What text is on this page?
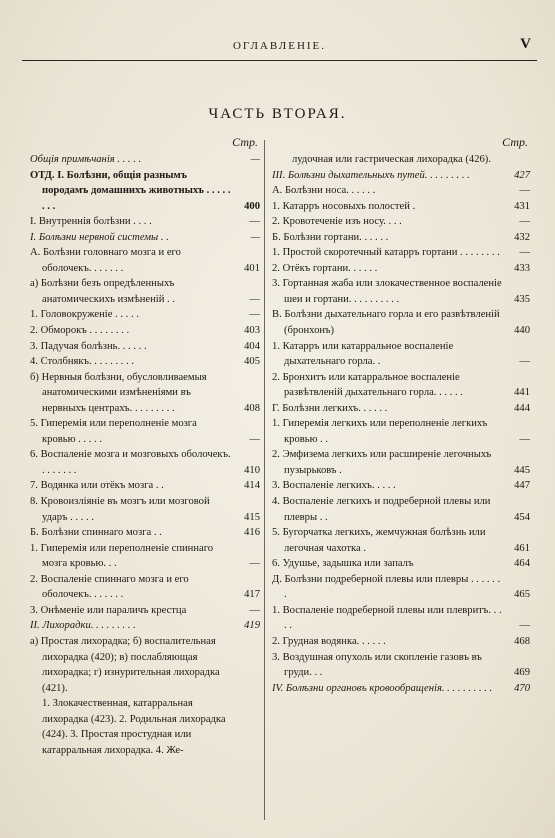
ОГЛАВЛЕНІЕ.	V
ЧАСТЬ ВТОРАЯ.
Стр.
Общія примѣчанія . . . . .	—
ОТД. I. Болѣзни, общія разнымъ породамъ домашнихъ животныхъ . . . . . . . .	400
I. Внутреннія болѣзни . . . .	—
I. Болѣзни нервной системы . .	—
А. Болѣзни головнаго мозга и его оболочекъ. . . . . . .	401
а) Болѣзни безъ опредѣленныхъ анатомическихъ измѣненій . .	—
1. Головокруженіе . . . . .	—
2. Обморокъ . . . . . . . .	403
3. Падучая болѣзнь. . . . . .	404
4. Столбнякъ. . . . . . . . .	405
б) Нервныя болѣзни, обусловливаемыя анатомическими измѣненіями въ нервныхъ центрахъ. . . . . . . . .	408
5. Гиперемія или переполненіе мозга кровью . . . . .	—
6. Воспаленіе мозга и мозговыхъ оболочекъ. . . . . . . .	410
7. Водянка или отёкъ мозга . .	414
8. Кровоизліяніе въ мозгъ или мозговой ударъ . . . . .	415
Б. Болѣзни спиннаго мозга . .	416
1. Гиперемія или переполненіе спиннаго мозга кровью. . .	—
2. Воспаленіе спиннаго мозга и его оболочекъ. . . . . . .	417
3. Онѣменіе или параличъ крестца	—
II. Лихорадки. . . . . . . . .	419
а) Простая лихорадка; б) воспалительная лихорадка (420); в) послабляющая лихорадка; г) изнурительная лихорадка (421).
1. Злокачественная, катарральная лихорадка (423). 2. Родильная лихорадка (424). 3. Простая простудная или катарральная лихорадка. 4. Же-
Стр.
лудочная или гастрическая лихорадка (426).
III. Болѣзни дыхательныхъ путей. . . . . . . . .	427
А. Болѣзни носа. . . . . .	—
1. Катарръ носовыхъ полостей .	431
2. Кровотеченіе изъ носу. . . .	—
Б. Болѣзни гортани. . . . . .	432
1. Простой скоротечный катарръ гортани . . . . . . . . —
2. Отёкъ гортани. . . . . .	433
3. Гортанная жаба или злокачественное воспаленіе шеи и гортани. . . . . . . . . .	435
В. Болѣзни дыхательнаго горла и его развѣтвленій (бронхонъ)	440
1. Катарръ или катарральное воспаленіе дыхательнаго горла. .	—
2. Бронхитъ или катарральное воспаленіе развѣтвленій дыхательнаго горла. . . . . .	441
Г. Болѣзни легкихъ. . . . . .	444
1. Гиперемія легкихъ или переполненіе легкихъ кровью . .	—
2. Эмфизема легкихъ или расширеніе легочныхъ пузырьковъ .	445
3. Воспаленіе легкихъ. . . . .	447
4. Воспаленіе легкихъ и подреберной плевы или плевры . .	454
5. Бугорчатка легкихъ, жемчужная болѣзнь или легочная чахотка .	461
6. Удушье, задышка или запалъ	464
Д. Болѣзни подреберной плевы или плевры . . . . . . .	465
1. Воспаленіе подреберной плевы или плевритъ. . . . .	—
2. Грудная водянка. . . . . .	468
3. Воздушная опухоль или скопленіе газовъ въ груди. . .	469
IV. Болѣзни органовъ кровообращенія. . . . . . . . . .	470
